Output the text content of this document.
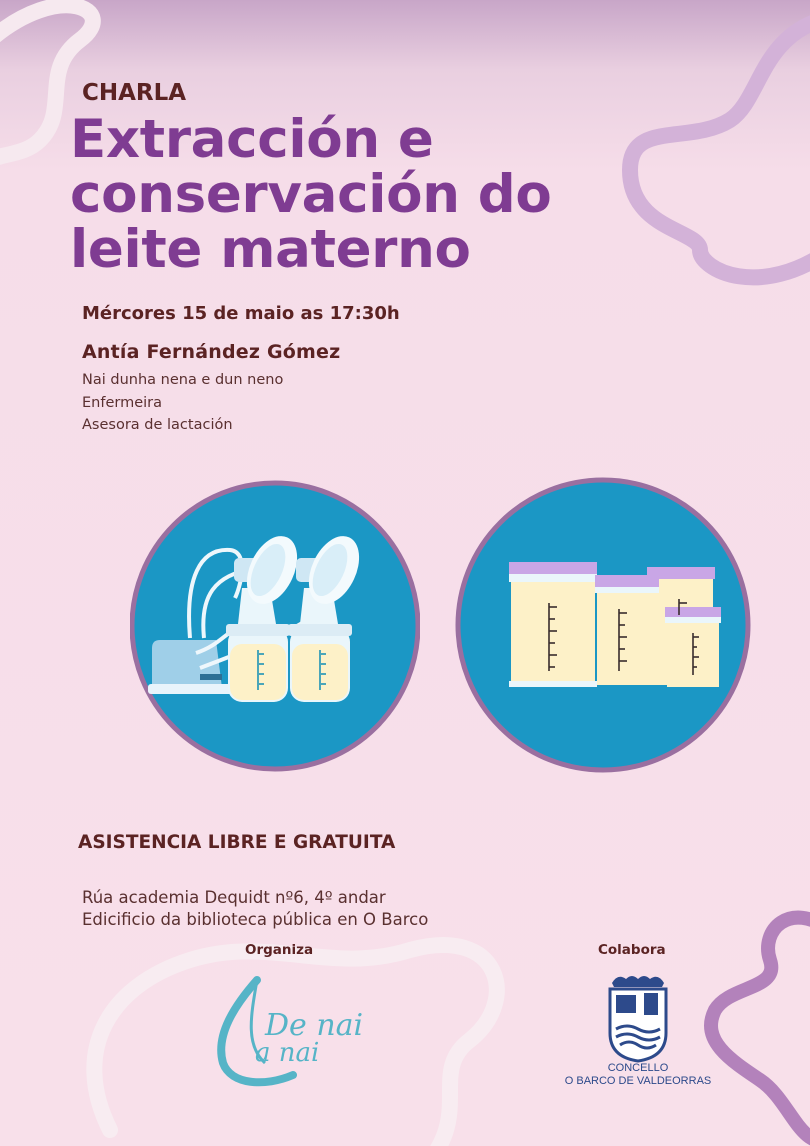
CHARLA
Extracción e
conservación do
leite materno
Mércores 15 de maio as 17:30h
Antía Fernández Gómez
Nai dunha nena e dun neno
Enfermeira
Asesora de lactación
ASISTENCIA LIBRE E GRATUITA
Rúa academia Dequidt nº6, 4º andar
Edicificio da biblioteca pública en O Barco
Organiza	Colabora
De nai
a nai	CONCELLO
O BARCO DE VALDEORRAS
